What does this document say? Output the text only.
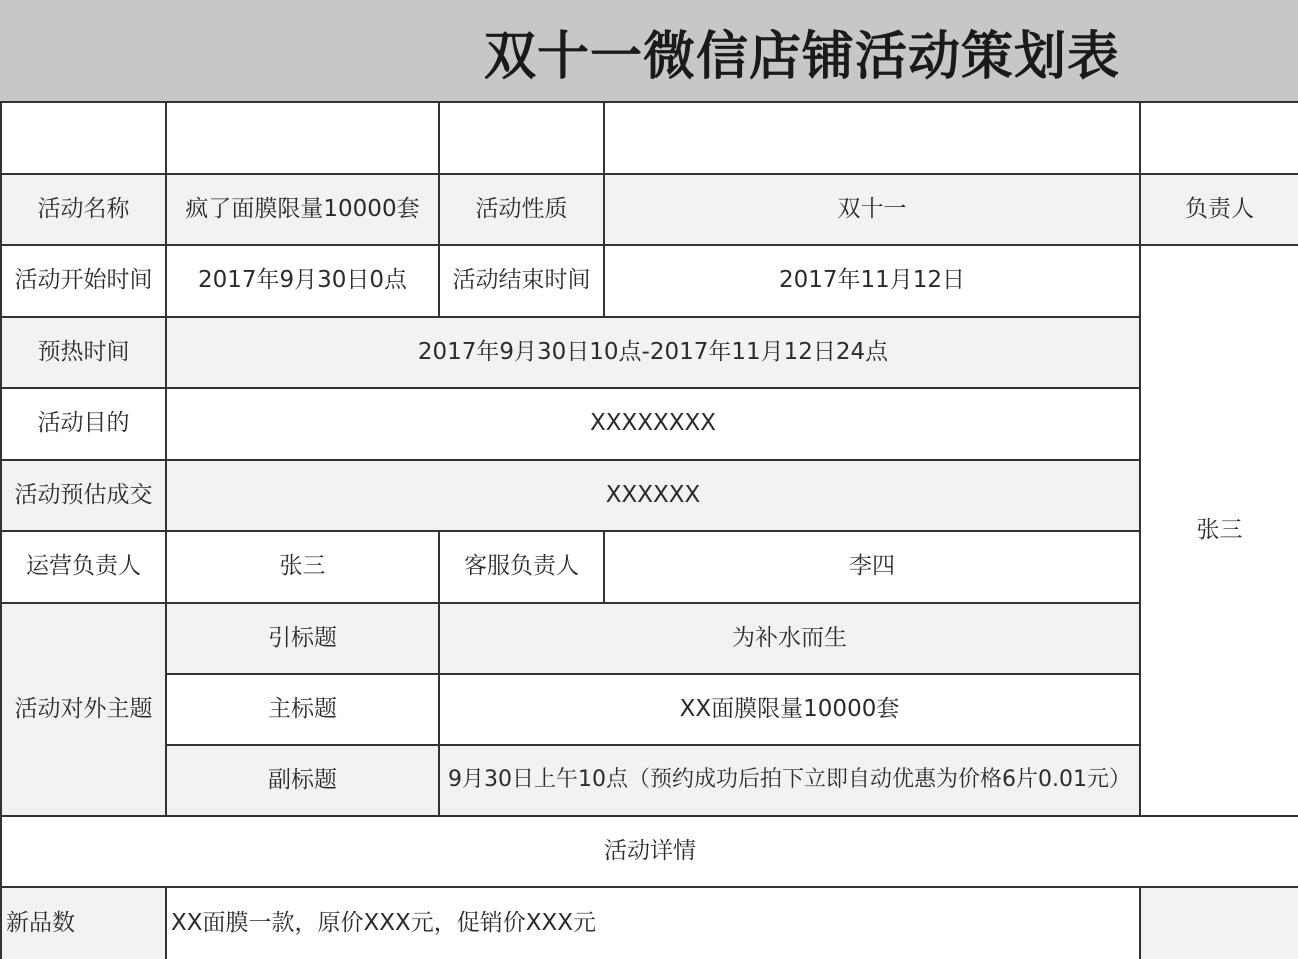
双十一微信店铺活动策划表
活动名称	疯了面膜限量10000套	活动性质	双十一	负责人
活动开始时间	2017年9月30日0点	活动结束时间	2017年11月12日
张三
预热时间	2017年9月30日10点-2017年11月12日24点
活动目的	XXXXXXXX
活动预估成交	XXXXXX
运营负责人	张三	客服负责人	李四
活动对外主题
引标题	为补水而生
主标题	XX面膜限量10000套
副标题	9月30日上午10点（预约成功后拍下立即自动优惠为价格6片0.01元）
活动详情
新品数	XX面膜一款，原价XXX元，促销价XXX元
